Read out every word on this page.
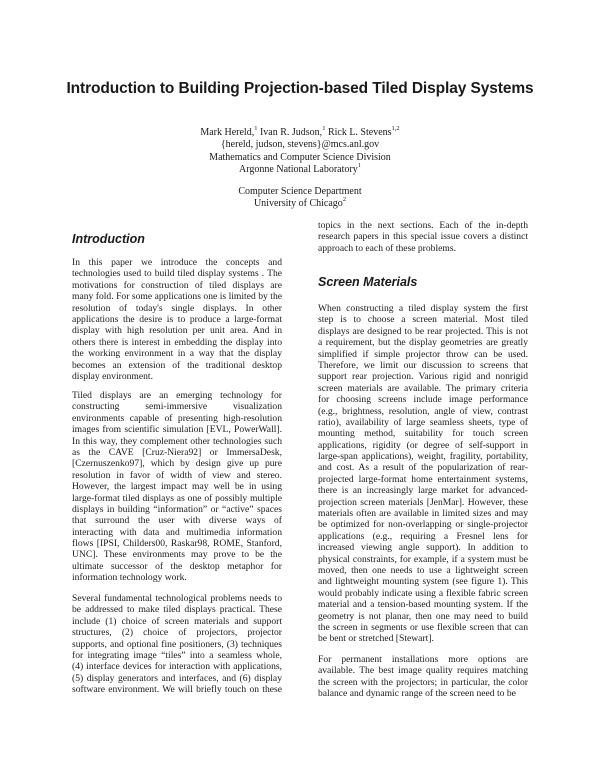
Introduction to Building Projection-based Tiled Display Systems
Mark Hereld,$^1$ Ivan R. Judson,$^1$ Rick L. Stevens$^{1,2}$
{hereld, judson, stevens}@mcs.anl.gov
Mathematics and Computer Science Division
Argonne National Laboratory$^1$
Computer Science Department
University of Chicago$^2$
Introduction
Screen Materials
In this paper we introduce the concepts and
technologies used to build tiled display systems . The
motivations for construction of tiled displays are
many fold. For some applications one is limited by the
resolution of today's single displays. In other
applications the desire is to produce a large-format
display with high resolution per unit area. And in
others there is interest in embedding the display into
the working environment in a way that the display
becomes an extension of the traditional desktop
display environment.
Tiled displays are an emerging technology for
constructing semi-immersive visualization
environments capable of presenting high-resolution
images from scientific simulation [EVL, PowerWall].
In this way, they complement other technologies such
as the CAVE [Cruz-Niera92] or ImmersaDesk,
[Czernuszenko97], which by design give up pure
resolution in favor of width of view and stereo.
However, the largest impact may well be in using
large-format tiled displays as one of possibly multiple
displays in building “information” or “active” spaces
that surround the user with diverse ways of
interacting with data and multimedia information
flows [IPSI, Childers00, Raskar98, ROME, Stanford,
UNC]. These environments may prove to be the
ultimate successor of the desktop metaphor for
information technology work.
Several fundamental technological problems needs to
be addressed to make tiled displays practical. These
include (1) choice of screen materials and support
structures, (2) choice of projectors, projector
supports, and optional fine positioners, (3) techniques
for integrating image “tiles” into a seamless whole,
(4) interface devices for interaction with applications,
(5) display generators and interfaces, and (6) display
software environment. We will briefly touch on these
topics in the next sections. Each of the in-depth
research papers in this special issue covers a distinct
approach to each of these problems.
When constructing a tiled display system the first
step is to choose a screen material. Most tiled
displays are designed to be rear projected. This is not
a requirement, but the display geometries are greatly
simplified if simple projector throw can be used.
Therefore, we limit our discussion to screens that
support rear projection. Various rigid and nonrigid
screen materials are available. The primary criteria
for choosing screens include image performance
(e.g., brightness, resolution, angle of view, contrast
ratio), availability of large seamless sheets, type of
mounting method, suitability for touch screen
applications, rigidity (or degree of self-support in
large-span applications), weight, fragility, portability,
and cost. As a result of the popularization of rear-
projected large-format home entertainment systems,
there is an increasingly large market for advanced-
projection screen materials [JenMar]. However, these
materials often are available in limited sizes and may
be optimized for non-overlapping or single-projector
applications (e.g., requiring a Fresnel lens for
increased viewing angle support). In addition to
physical constraints, for example, if a system must be
moved, then one needs to use a lightweight screen
and lightweight mounting system (see figure 1). This
would probably indicate using a flexible fabric screen
material and a tension-based mounting system. If the
geometry is not planar, then one may need to build
the screen in segments or use flexible screen that can
be bent or stretched [Stewart].
For permanent installations more options are
available. The best image quality requires matching
the screen with the projectors; in particular, the color
balance and dynamic range of the screen need to be
